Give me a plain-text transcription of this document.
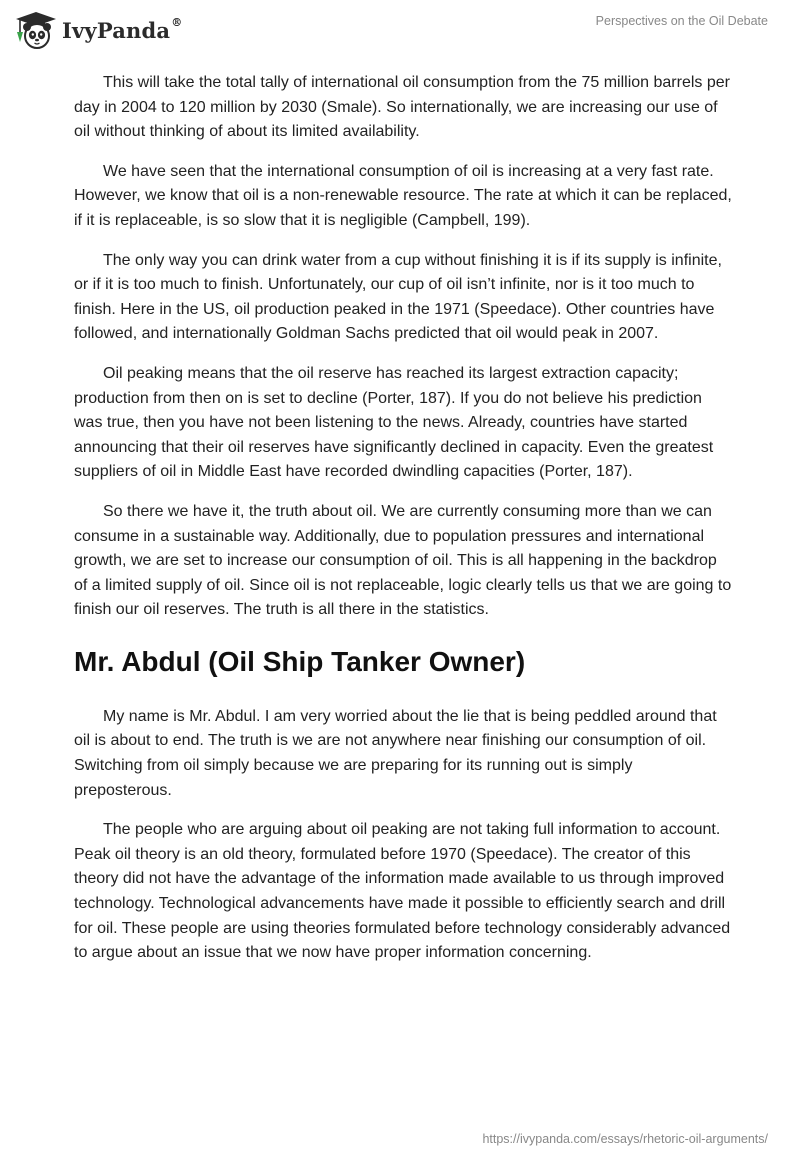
IvyPanda®	Perspectives on the Oil Debate

This will take the total tally of international oil consumption from the 75 million barrels per day in 2004 to 120 million by 2030 (Smale). So internationally, we are increasing our use of oil without thinking of about its limited availability.

We have seen that the international consumption of oil is increasing at a very fast rate. However, we know that oil is a non-renewable resource. The rate at which it can be replaced, if it is replaceable, is so slow that it is negligible (Campbell, 199).

The only way you can drink water from a cup without finishing it is if its supply is infinite, or if it is too much to finish. Unfortunately, our cup of oil isn’t infinite, nor is it too much to finish. Here in the US, oil production peaked in the 1971 (Speedace). Other countries have followed, and internationally Goldman Sachs predicted that oil would peak in 2007.

Oil peaking means that the oil reserve has reached its largest extraction capacity; production from then on is set to decline (Porter, 187). If you do not believe his prediction was true, then you have not been listening to the news. Already, countries have started announcing that their oil reserves have significantly declined in capacity. Even the greatest suppliers of oil in Middle East have recorded dwindling capacities (Porter, 187).

So there we have it, the truth about oil. We are currently consuming more than we can consume in a sustainable way. Additionally, due to population pressures and international growth, we are set to increase our consumption of oil. This is all happening in the backdrop of a limited supply of oil. Since oil is not replaceable, logic clearly tells us that we are going to finish our oil reserves. The truth is all there in the statistics.

Mr. Abdul (Oil Ship Tanker Owner)

My name is Mr. Abdul. I am very worried about the lie that is being peddled around that oil is about to end. The truth is we are not anywhere near finishing our consumption of oil. Switching from oil simply because we are preparing for its running out is simply preposterous.

The people who are arguing about oil peaking are not taking full information to account. Peak oil theory is an old theory, formulated before 1970 (Speedace). The creator of this theory did not have the advantage of the information made available to us through improved technology. Technological advancements have made it possible to efficiently search and drill for oil. These people are using theories formulated before technology considerably advanced to argue about an issue that we now have proper information concerning.

https://ivypanda.com/essays/rhetoric-oil-arguments/
